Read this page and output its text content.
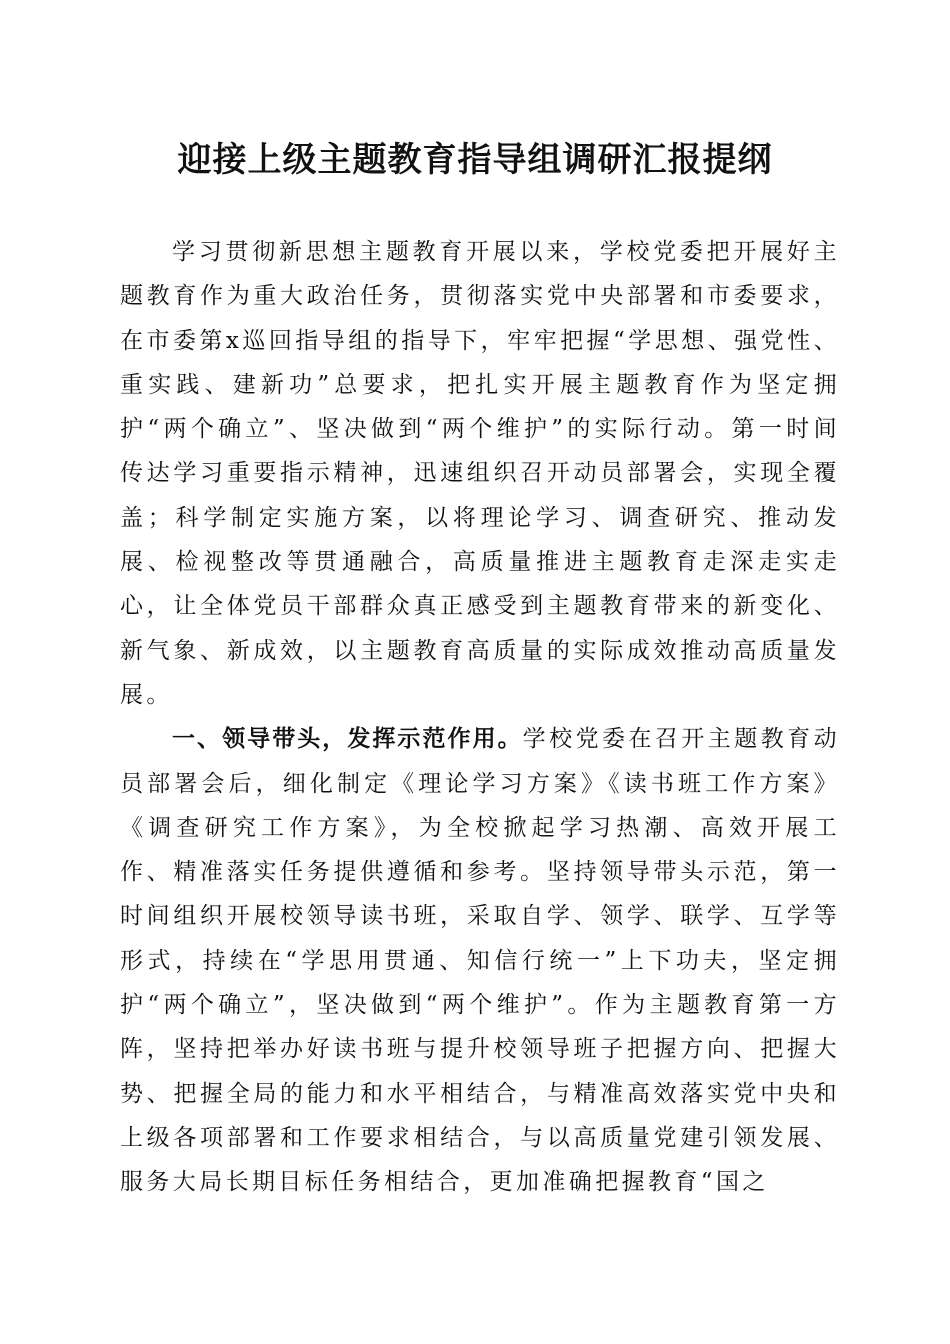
迎接上级主题教育指导组调研汇报提纲

学习贯彻新思想主题教育开展以来，学校党委把开展好主题教育作为重大政治任务，贯彻落实党中央部署和市委要求，在市委第x巡回指导组的指导下，牢牢把握“学思想、强党性、重实践、建新功”总要求，把扎实开展主题教育作为坚定拥护“两个确立”、坚决做到“两个维护”的实际行动。第一时间传达学习重要指示精神，迅速组织召开动员部署会，实现全覆盖；科学制定实施方案，以将理论学习、调查研究、推动发展、检视整改等贯通融合，高质量推进主题教育走深走实走心，让全体党员干部群众真正感受到主题教育带来的新变化、新气象、新成效，以主题教育高质量的实际成效推动高质量发展。

一、领导带头，发挥示范作用。学校党委在召开主题教育动员部署会后，细化制定《理论学习方案》《读书班工作方案》《调查研究工作方案》，为全校掀起学习热潮、高效开展工作、精准落实任务提供遵循和参考。坚持领导带头示范，第一时间组织开展校领导读书班，采取自学、领学、联学、互学等形式，持续在“学思用贯通、知信行统一”上下功夫，坚定拥护“两个确立”，坚决做到“两个维护”。作为主题教育第一方阵，坚持把举办好读书班与提升校领导班子把握方向、把握大势、把握全局的能力和水平相结合，与精准高效落实党中央和上级各项部署和工作要求相结合，与以高质量党建引领发展、服务大局长期目标任务相结合，更加准确把握教育“国之
